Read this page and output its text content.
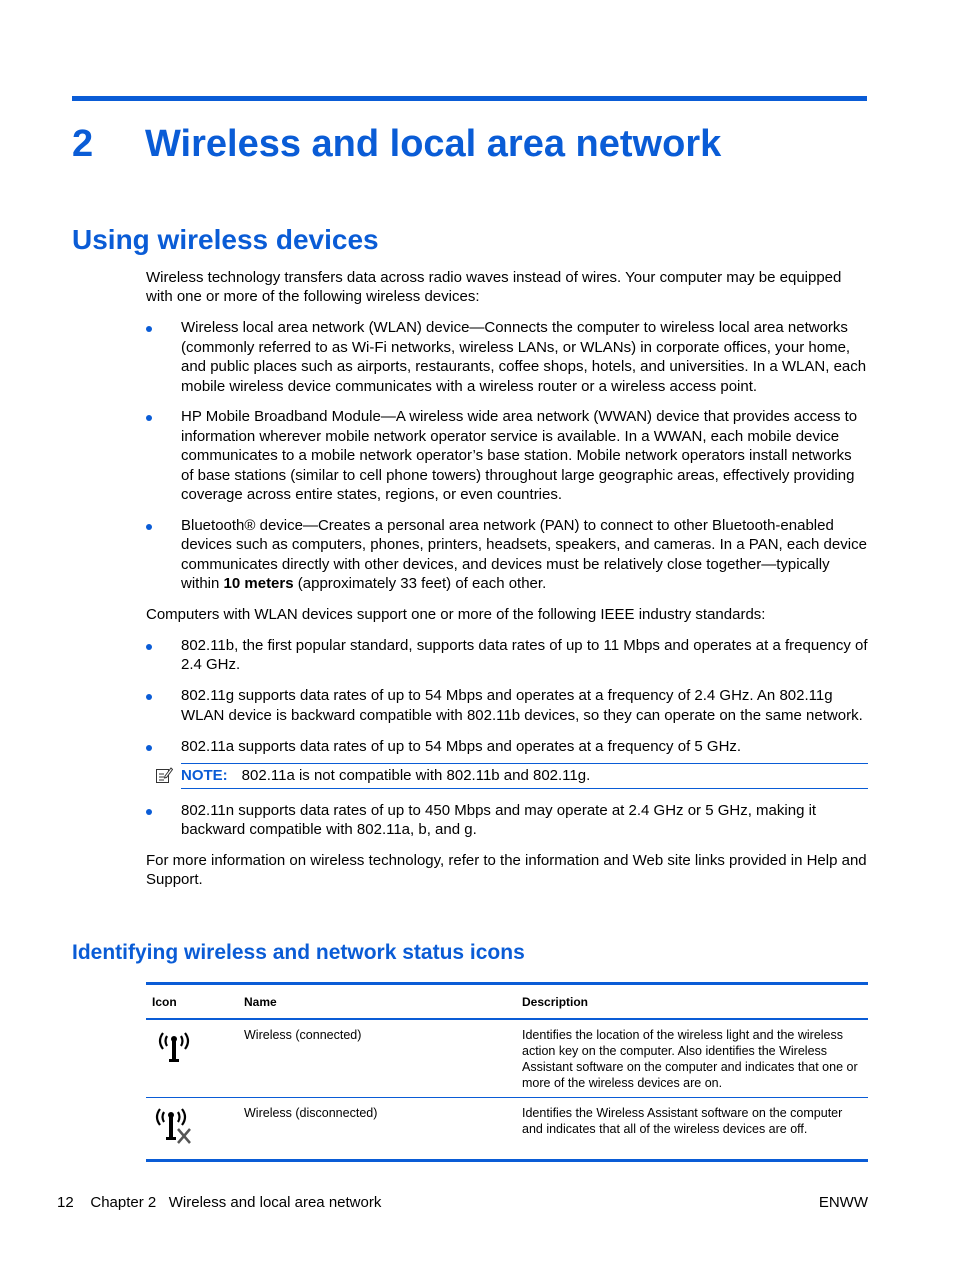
2 Wireless and local area network
Using wireless devices

Wireless technology transfers data across radio waves instead of wires. Your computer may be equipped with one or more of the following wireless devices:

Wireless local area network (WLAN) device—Connects the computer to wireless local area networks (commonly referred to as Wi-Fi networks, wireless LANs, or WLANs) in corporate offices, your home, and public places such as airports, restaurants, coffee shops, hotels, and universities. In a WLAN, each mobile wireless device communicates with a wireless router or a wireless access point.
HP Mobile Broadband Module—A wireless wide area network (WWAN) device that provides access to information wherever mobile network operator service is available. In a WWAN, each mobile device communicates to a mobile network operator’s base station. Mobile network operators install networks of base stations (similar to cell phone towers) throughout large geographic areas, effectively providing coverage across entire states, regions, or even countries.
Bluetooth® device—Creates a personal area network (PAN) to connect to other Bluetooth-enabled devices such as computers, phones, printers, headsets, speakers, and cameras. In a PAN, each device communicates directly with other devices, and devices must be relatively close together—typically within 10 meters (approximately 33 feet) of each other.

Computers with WLAN devices support one or more of the following IEEE industry standards:

802.11b, the first popular standard, supports data rates of up to 11 Mbps and operates at a frequency of 2.4 GHz.
802.11g supports data rates of up to 54 Mbps and operates at a frequency of 2.4 GHz. An 802.11g WLAN device is backward compatible with 802.11b devices, so they can operate on the same network.
802.11a supports data rates of up to 54 Mbps and operates at a frequency of 5 GHz.
NOTE: 802.11a is not compatible with 802.11b and 802.11g.
802.11n supports data rates of up to 450 Mbps and may operate at 2.4 GHz or 5 GHz, making it backward compatible with 802.11a, b, and g.

For more information on wireless technology, refer to the information and Web site links provided in Help and Support.

Identifying wireless and network status icons
Icon	Name	Description
	Wireless (connected)	Identifies the location of the wireless light and the wireless action key on the computer. Also identifies the Wireless Assistant software on the computer and indicates that one or more of the wireless devices are on.
	Wireless (disconnected)	Identifies the Wireless Assistant software on the computer and indicates that all of the wireless devices are off.
12 Chapter 2 Wireless and local area network	ENWW
